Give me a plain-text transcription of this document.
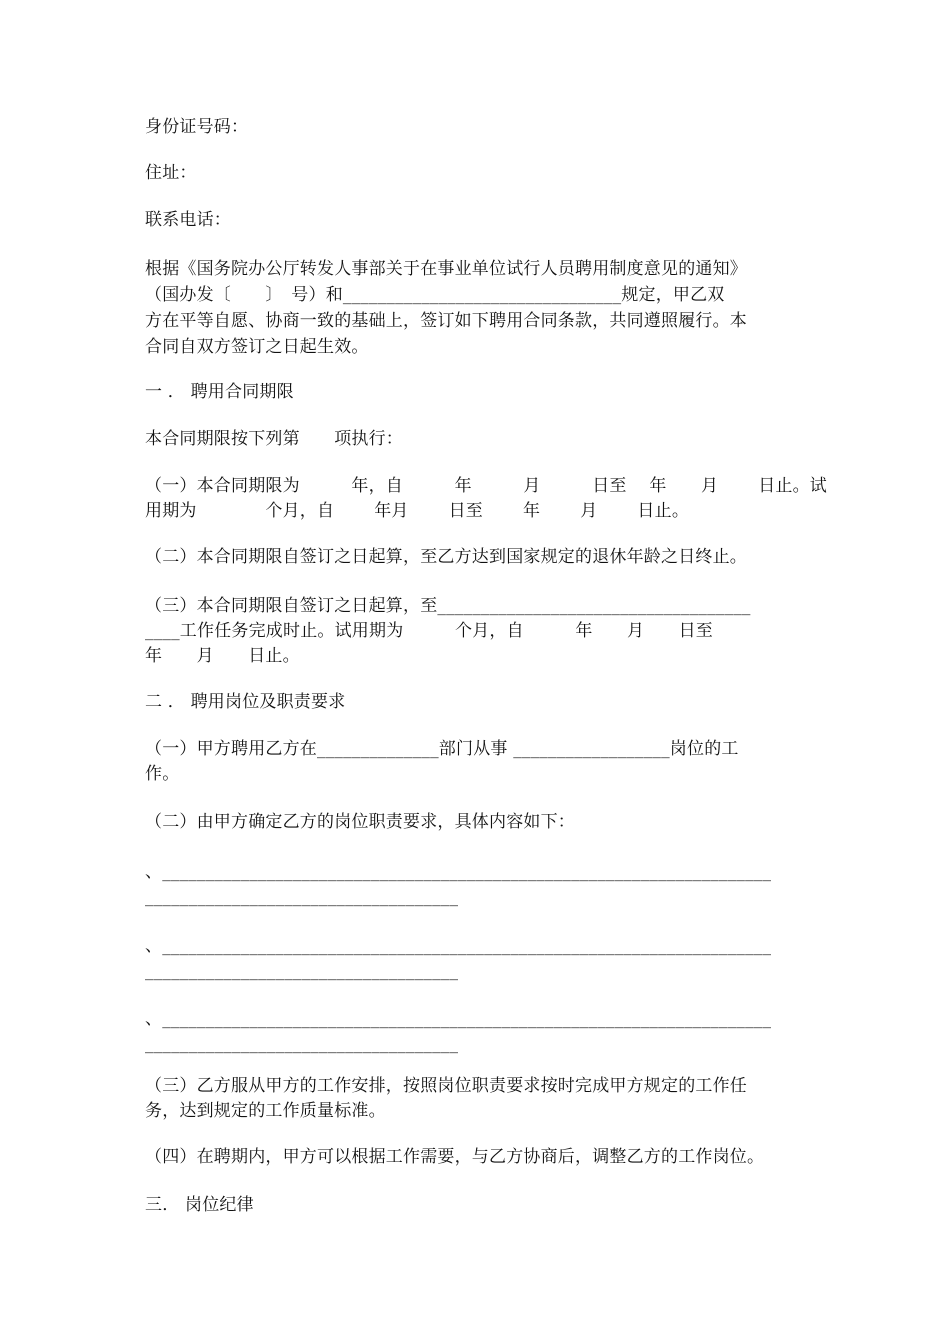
身份证号码：
住址：
联系电话：
根据《国务院办公厅转发人事部关于在事业单位试行人员聘用制度意见的通知》
（国办发〔　　〕　号）和________________________________规定，甲乙双
方在平等自愿、协商一致的基础上，签订如下聘用合同条款，共同遵照履行。本
合同自双方签订之日起生效。
一 ． 聘用合同期限
本合同期限按下列第　　项执行：
（一）本合同期限为　　　年，自　　　年　　　月　　　日至　 年　　月　　 日止。试
用期为　　　　个月，自　　 年月　　 日至　　 年　　 月　　 日止。
（二）本合同期限自签订之日起算，至乙方达到国家规定的退休年龄之日终止。
（三）本合同期限自签订之日起算，至____________________________________
____工作任务完成时止。试用期为　　　个月，自　　　年　　月　　日至
年　　月　　日止。
二 ． 聘用岗位及职责要求
（一）甲方聘用乙方在______________部门从事 __________________岗位的工
作。
（二）由甲方确定乙方的岗位职责要求，具体内容如下：
、______________________________________________________________________
____________________________________
、______________________________________________________________________
____________________________________
、______________________________________________________________________
____________________________________
（三）乙方服从甲方的工作安排，按照岗位职责要求按时完成甲方规定的工作任
务，达到规定的工作质量标准。
（四）在聘期内，甲方可以根据工作需要，与乙方协商后，调整乙方的工作岗位。
三． 岗位纪律
